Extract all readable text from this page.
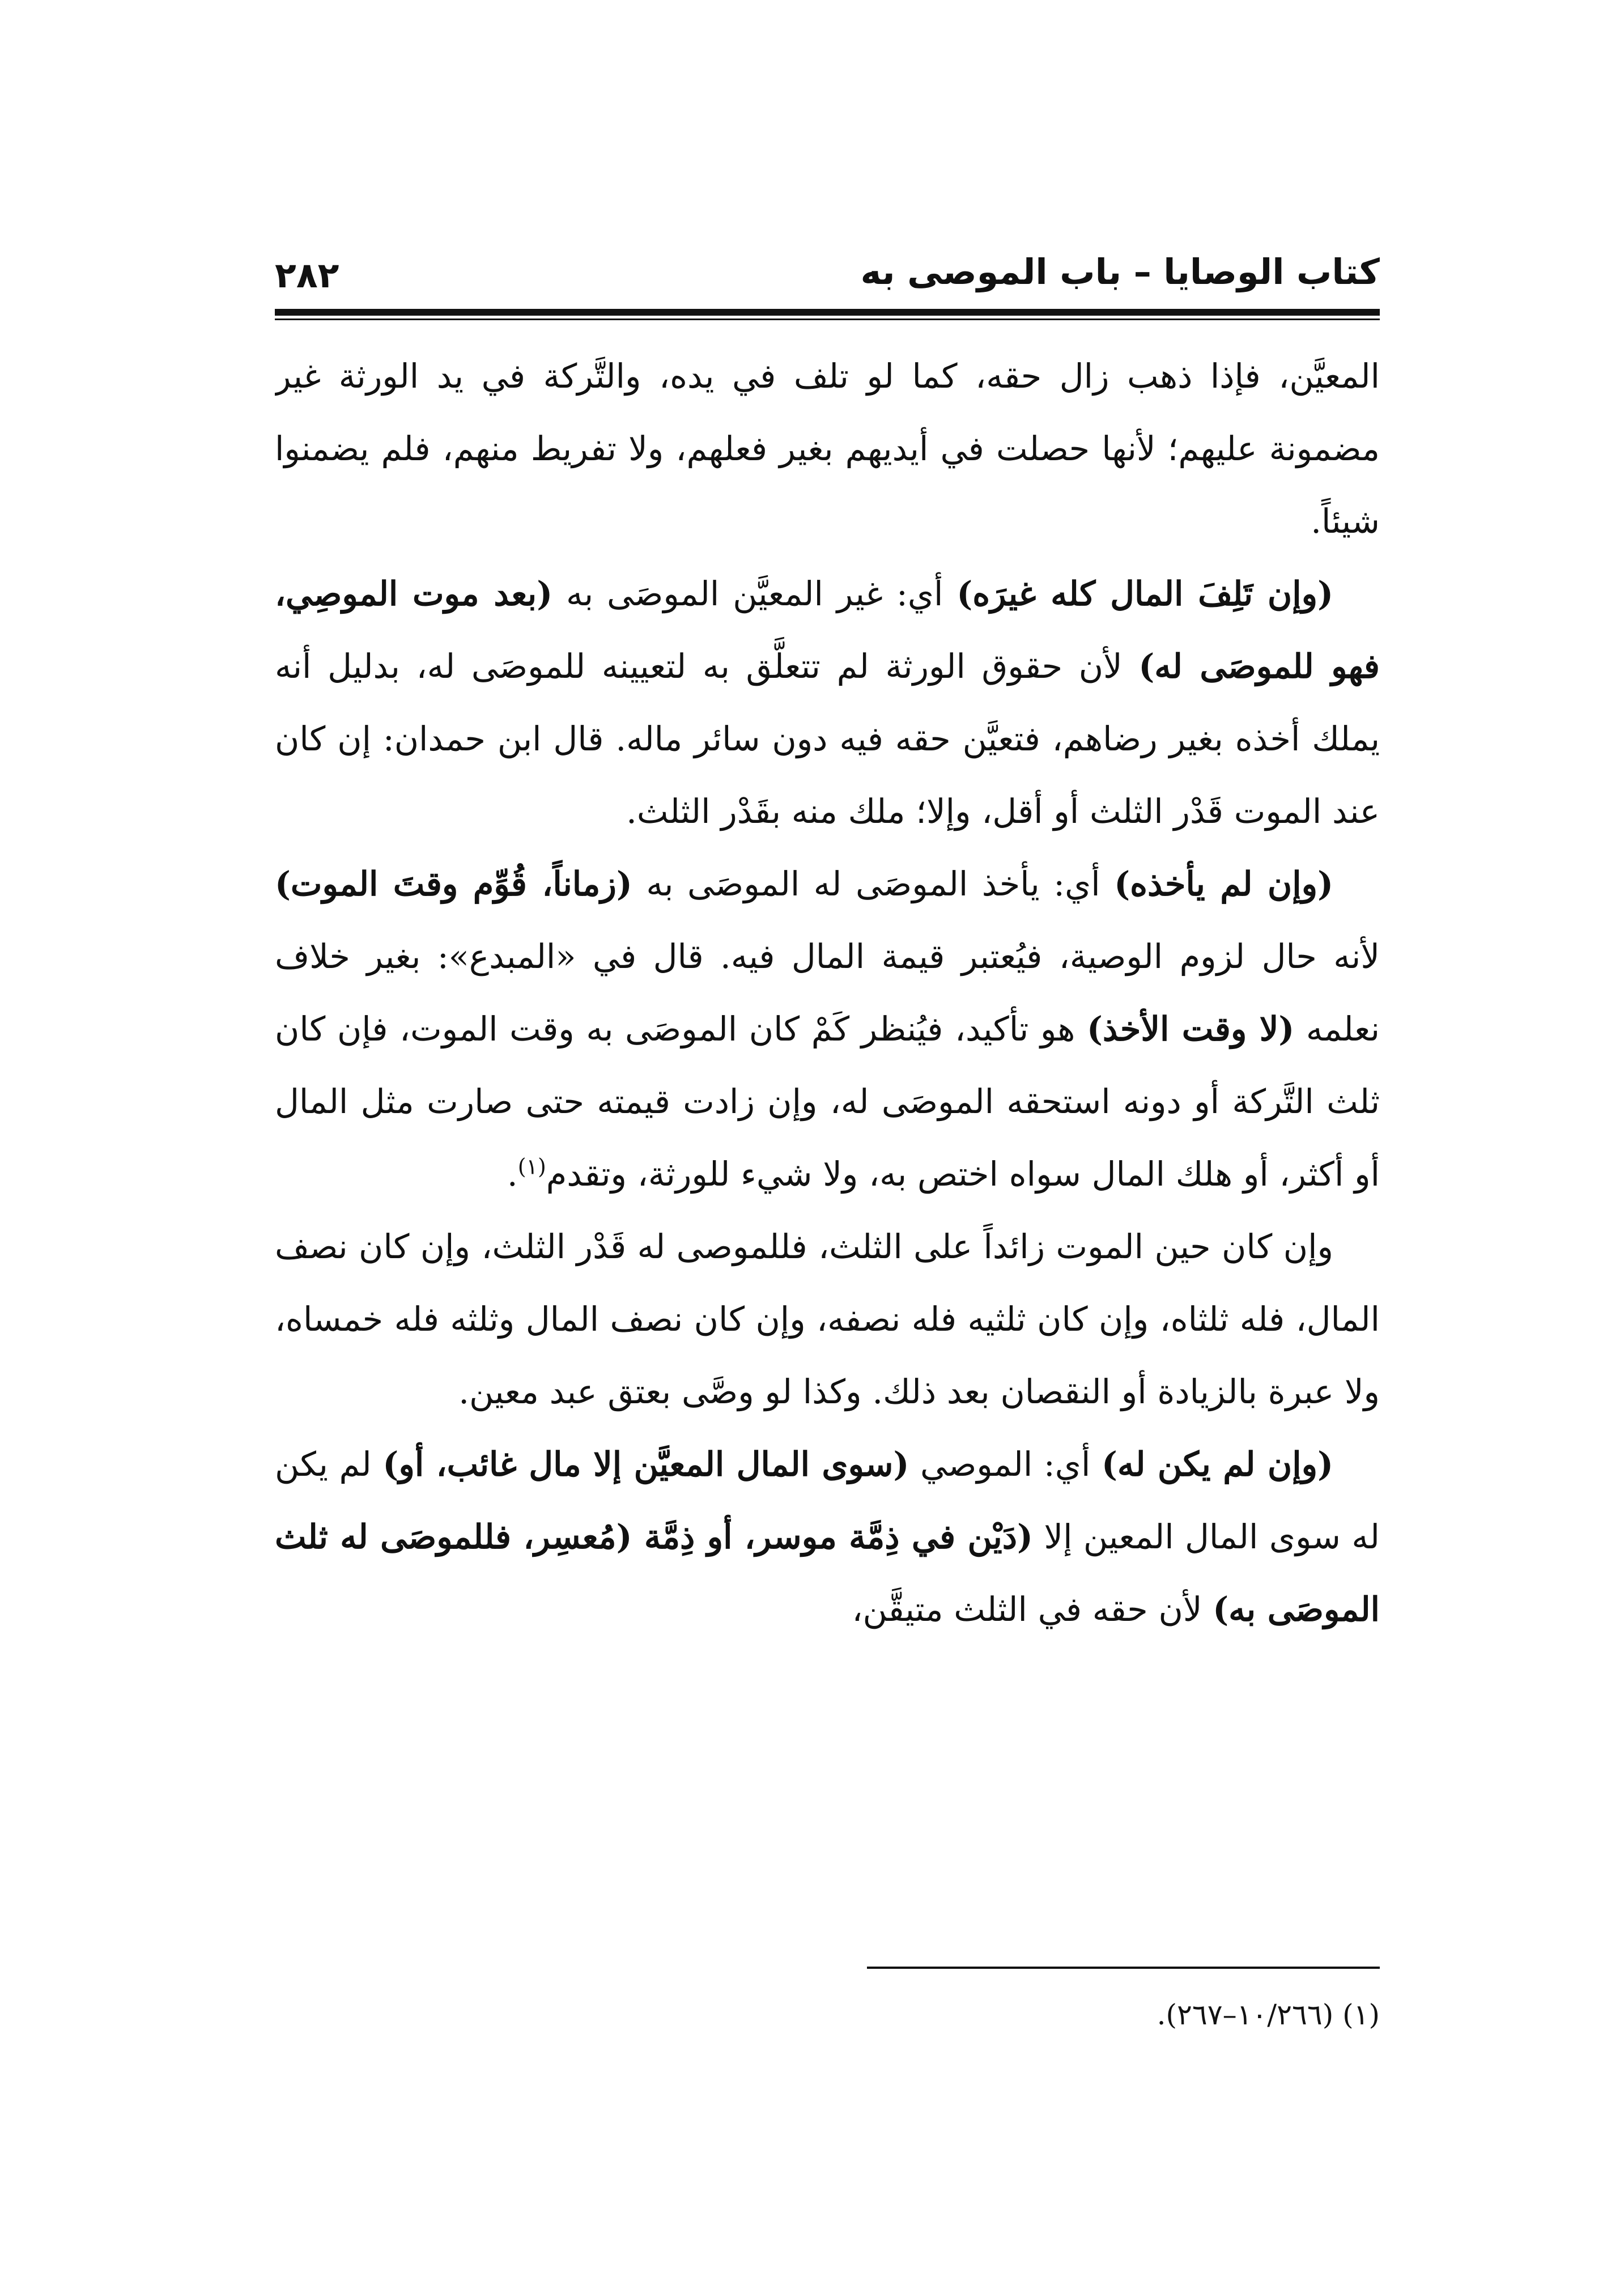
كتاب الوصايا – باب الموصى به
٢٨٢

المعيَّن، فإذا ذهب زال حقه، كما لو تلف في يده، والتَّركة في يد الورثة غير مضمونة عليهم؛ لأنها حصلت في أيديهم بغير فعلهم، ولا تفريط منهم، فلم يضمنوا شيئاً.

(وإن تَلِفَ المال كله غيرَه) أي: غير المعيَّن الموصَى به (بعد موت الموصِي، فهو للموصَى له) لأن حقوق الورثة لم تتعلَّق به لتعيينه للموصَى له، بدليل أنه يملك أخذه بغير رضاهم، فتعيَّن حقه فيه دون سائر ماله. قال ابن حمدان: إن كان عند الموت قَدْر الثلث أو أقل، وإلا؛ ملك منه بقَدْر الثلث.

(وإن لم يأخذه) أي: يأخذ الموصَى له الموصَى به (زماناً، قُوِّم وقتَ الموت) لأنه حال لزوم الوصية، فيُعتبر قيمة المال فيه. قال في «المبدع»: بغير خلاف نعلمه (لا وقت الأخذ) هو تأكيد، فيُنظر كَمْ كان الموصَى به وقت الموت، فإن كان ثلث التَّركة أو دونه استحقه الموصَى له، وإن زادت قيمته حتى صارت مثل المال أو أكثر، أو هلك المال سواه اختص به، ولا شيء للورثة، وتقدم$^{(١)}$.

وإن كان حين الموت زائداً على الثلث، فللموصى له قَدْر الثلث، وإن كان نصف المال، فله ثلثاه، وإن كان ثلثيه فله نصفه، وإن كان نصف المال وثلثه فله خمساه، ولا عبرة بالزيادة أو النقصان بعد ذلك. وكذا لو وصَّى بعتق عبد معين.

(وإن لم يكن له) أي: الموصي (سوى المال المعيَّن إلا مال غائب، أو) لم يكن له سوى المال المعين إلا (دَيْن في ذِمَّة موسر، أو ذِمَّة (مُعسِر، فللموصَى له ثلث الموصَى به) لأن حقه في الثلث متيقَّن،

(١) (١٠/٢٦٦–٢٦٧).
